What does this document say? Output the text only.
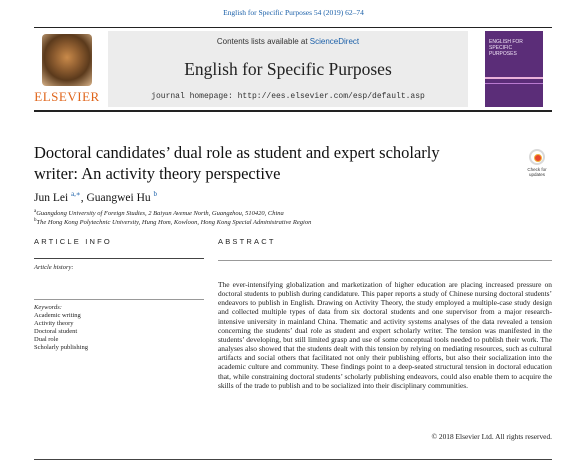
English for Specific Purposes 54 (2019) 62–74
ELSEVIER
Contents lists available at ScienceDirect
English for Specific Purposes
journal homepage: http://ees.elsevier.com/esp/default.asp
ENGLISH FOR SPECIFIC PURPOSES
Doctoral candidates’ dual role as student and expert scholarly writer: An activity theory perspective	Check for updates
Jun Lei $^{a,∗}$, Guangwei Hu $^b$
$^a$Guangdong University of Foreign Studies, 2 Baiyun Avenue North, Guangzhou, 510420, China
$^b$The Hong Kong Polytechnic University, Hung Hom, Kowloon, Hong Kong Special Administrative Region
ARTICLE INFO	ABSTRACT
Article history:
Keywords:
Academic writing
Activity theory
Doctoral student
Dual role
Scholarly publishing
The ever-intensifying globalization and marketization of higher education are placing increased pressure on doctoral students to publish during candidature. This paper reports a study of Chinese nursing doctoral students’ endeavors to publish in English. Drawing on Activity Theory, the study employed a multiple-case study design and collected multiple types of data from six doctoral students and one supervisor from a major research-intensive university in mainland China. Thematic and activity systems analyses of the data revealed a tension concerning the students’ dual role as student and expert scholarly writer. The tension was manifested in the students’ developing, but still limited grasp and use of some conceptual tools needed to publish their work. The analyses also showed that the students dealt with this tension by relying on mediating resources, such as cultural artifacts and social others that facilitated not only their publishing efforts, but also their socialization into the academic culture and community. These findings point to a deep-seated structural tension in doctoral education that, while constraining doctoral students’ scholarly publishing endeavors, could also enable them to acquire the skills of the trade to publish and to be socialized into their disciplinary communities.
© 2018 Elsevier Ltd. All rights reserved.
